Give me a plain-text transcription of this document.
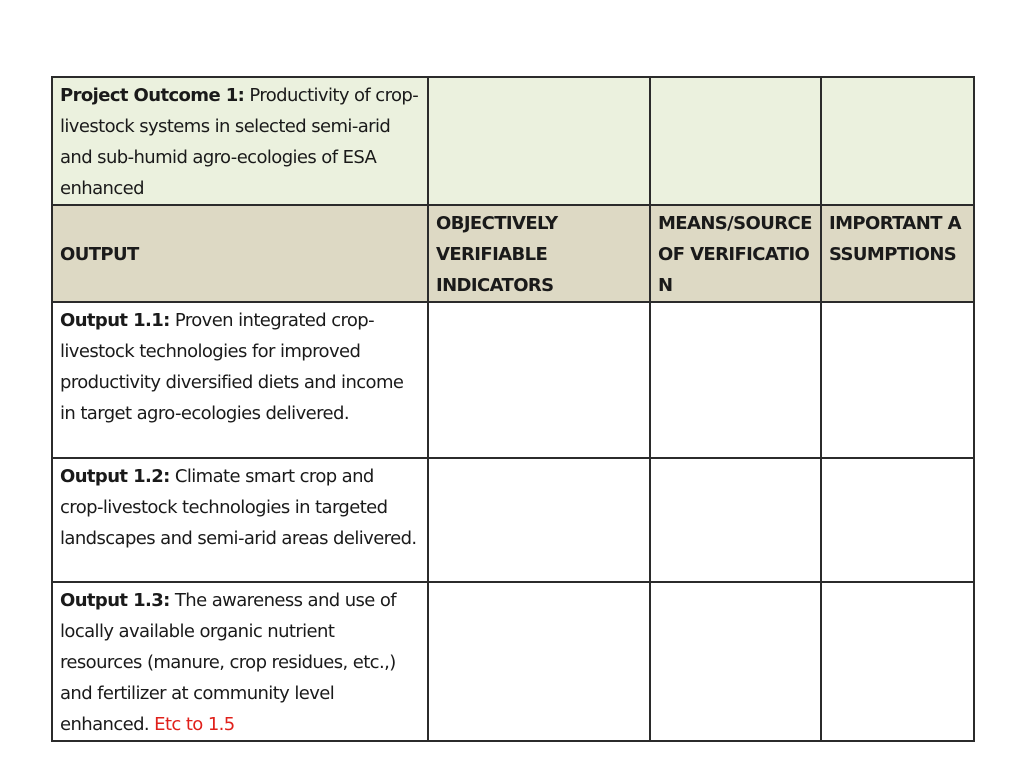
Project Outcome 1: Productivity of crop-livestock systems in selected semi-arid and sub-humid agro-ecologies of ESA enhanced			
OUTPUT	OBJECTIVELY VERIFIABLE INDICATORS	MEANS/SOURCE OF VERIFICATION	IMPORTANT ASSUMPTIONS
Output 1.1: Proven integrated crop-livestock technologies for improved productivity diversified diets and income in target agro-ecologies delivered.			
Output 1.2: Climate smart crop and crop-livestock technologies in targeted landscapes and semi-arid areas delivered.			
Output 1.3: The awareness and use of locally available organic nutrient resources (manure, crop residues, etc.,) and fertilizer at community level enhanced. Etc to 1.5			
